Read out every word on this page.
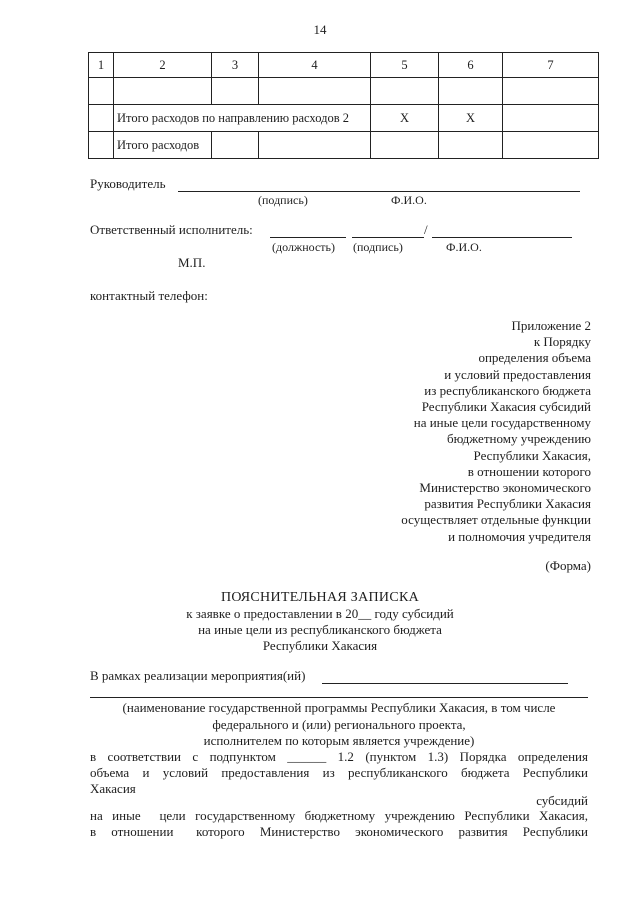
14
1	2	3	4	5	6	7

	Итого расходов по направлению расходов 2			X	X	
	Итого расходов					
Руководитель
(подпись)	Ф.И.О.
Ответственный исполнитель:	/
(должность) (подпись)	Ф.И.О.
М.П.
контактный телефон:
Приложение 2
к Порядку
определения объема
и условий предоставления
из республиканского бюджета
Республики Хакасия субсидий
на иные цели государственному
бюджетному учреждению
Республики Хакасия,
в отношении которого
Министерство экономического
развития Республики Хакасия
осуществляет отдельные функции
и полномочия учредителя
(Форма)
ПОЯСНИТЕЛЬНАЯ ЗАПИСКА
к заявке о предоставлении в 20__ году субсидий
на иные цели из республиканского бюджета
Республики Хакасия
В рамках реализации мероприятия(ий)
(наименование государственной программы Республики Хакасия, в том числе
федерального и (или) регионального проекта,
исполнителем по которым является учреждение)
в  соответствии  с  подпунктом  ______  1.2  (пунктом  1.3)  Порядка  определения
объема  и  условий  предоставления  из  республиканского  бюджета  Республики
Хакасия
субсидий
на иные  цели государственному бюджетному учреждению Республики Хакасия,
в  отношении   которого  Министерство  экономического  развития  Республики
